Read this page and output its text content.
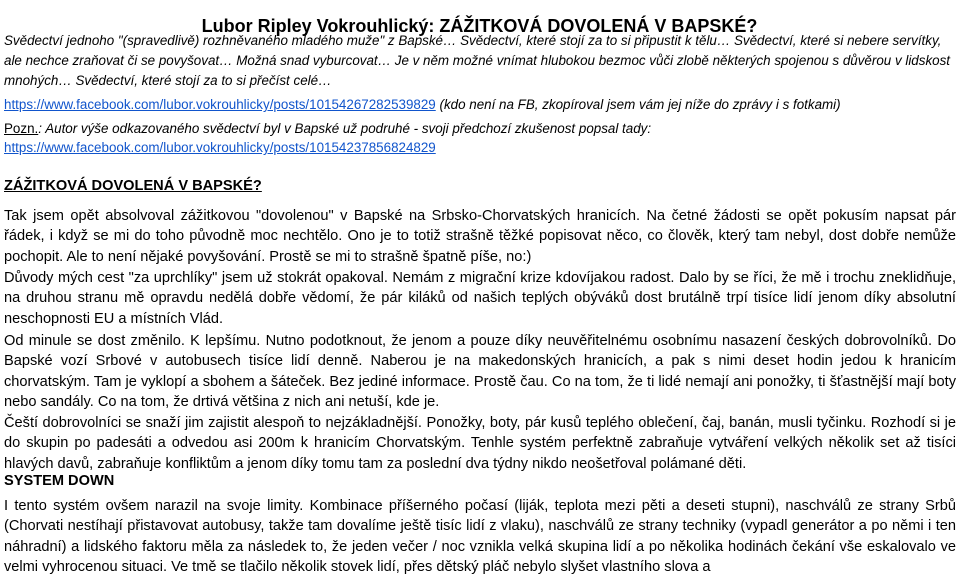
Lubor Ripley Vokrouhlický: ZÁŽITKOVÁ DOVOLENÁ V BAPSKÉ?

Svědectví jednoho "(spravedlivě) rozhněvaného mladého muže" z Bapské… Svědectví, které stojí za to si připustit k tělu… Svědectví, které si nebere servítky, ale nechce zraňovat či se povyšovat… Možná snad vyburcovat… Je v něm možné vnímat hlubokou bezmoc vůči zlobě některých spojenou s důvěrou v lidskost mnohých… Svědectví, které stojí za to si přečíst celé…

https://www.facebook.com/lubor.vokrouhlicky/posts/10154267282539829 (kdo není na FB, zkopíroval jsem vám jej níže do zprávy i s fotkami)

Pozn.: Autor výše odkazovaného svědectví byl v Bapské už podruhé - svoji předchozí zkušenost popsal tady:
https://www.facebook.com/lubor.vokrouhlicky/posts/10154237856824829

ZÁŽITKOVÁ DOVOLENÁ V BAPSKÉ?

Tak jsem opět absolvoval zážitkovou "dovolenou" v Bapské na Srbsko-Chorvatských hranicích. Na četné žádosti se opět pokusím napsat pár řádek, i když se mi do toho původně moc nechtělo. Ono je to totiž strašně těžké popisovat něco, co člověk, který tam nebyl, dost dobře nemůže pochopit. Ale to není nějaké povyšování. Prostě se mi to strašně špatně píše, no:)

Důvody mých cest "za uprchlíky" jsem už stokrát opakoval. Nemám z migrační krize kdovíjakou radost. Dalo by se říci, že mě i trochu zneklidňuje, na druhou stranu mě opravdu nedělá dobře vědomí, že pár kiláků od našich teplých obýváků dost brutálně trpí tisíce lidí jenom díky absolutní neschopnosti EU a místních Vlád.

Od minule se dost změnilo. K lepšímu. Nutno podotknout, že jenom a pouze díky neuvěřitelnému osobnímu nasazení českých dobrovolníků. Do Bapské vozí Srbové v autobusech tisíce lidí denně. Naberou je na makedonských hranicích, a pak s nimi deset hodin jedou k hranicím chorvatským. Tam je vyklopí a sbohem a šáteček. Bez jediné informace. Prostě čau. Co na tom, že ti lidé nemají ani ponožky, ti šťastnější mají boty nebo sandály. Co na tom, že drtivá většina z nich ani netuší, kde je.

Čeští dobrovolníci se snaží jim zajistit alespoň to nejzákladnější. Ponožky, boty, pár kusů teplého oblečení, čaj, banán, musli tyčinku. Rozhodí si je do skupin po padesáti a odvedou asi 200m k hranicím Chorvatským. Tenhle systém perfektně zabraňuje vytváření velkých několik set až tisíci hlavých davů, zabraňuje konfliktům a jenom díky tomu tam za poslední dva týdny nikdo neošetřoval polámané děti.

SYSTEM DOWN

I tento systém ovšem narazil na svoje limity. Kombinace příšerného počasí (liják, teplota mezi pěti a deseti stupni), naschválů ze strany Srbů (Chorvati nestíhají přistavovat autobusy, takže tam dovalíme ještě tisíc lidí z vlaku), naschválů ze strany techniky (vypadl generátor a po němi i ten náhradní) a lidského faktoru měla za následek to, že jeden večer / noc vznikla velká skupina lidí a po několika hodinách čekání vše eskalovalo ve velmi vyhrocenou situaci. Ve tmě se tlačilo několik stovek lidí, přes dětský pláč nebylo slyšet vlastního slova a
